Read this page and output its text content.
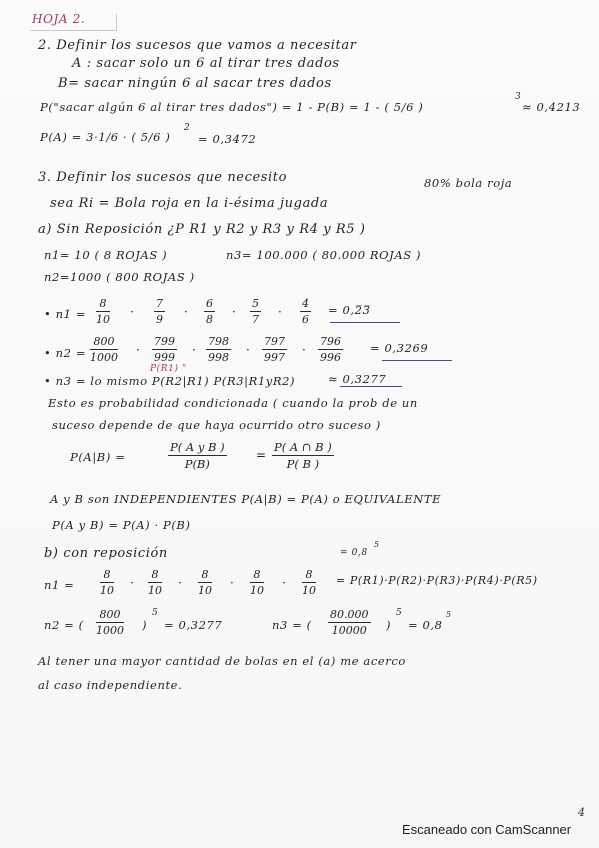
HOJA 2.
2. Definir los sucesos que vamos a necesitar
A : sacar solo un 6 al tirar tres dados
B= sacar ningún 6 al sacar tres dados
P("sacar algún 6 al tirar tres dados") = 1 - P(B) = 1 - ( 5/6 )
3
≈ 0,4213
P(A) = 3·1/6 · ( 5/6 )
2
= 0,3472
3. Definir los sucesos que necesito	80% bola roja
sea Ri = Bola roja en la i-ésima jugada
a) Sin Reposición ¿P R1 y R2 y R3 y R4 y R5 )
n1= 10 ( 8 ROJAS )	n3= 100.000 ( 80.000 ROJAS )
n2=1000 ( 800 ROJAS )
• n1 =
8
10
·
7
9
·
6
8
·
5
7
·
4
6
= 0,2̅3̅
• n2 =
800
1000
·
799
999
·
798
998
·
797
997
·
796
996
= 0,3269
P(R1) "
• n3 = lo mismo P(R2|R1) P(R3|R1yR2)	≈ 0,3277
Esto es probabilidad condicionada ( cuando la prob de un
suceso depende de que haya ocurrido otro suceso )
P(A|B) =
P( A y B )
P(B)
=
P( A ∩ B )
P( B )
A y B son INDEPENDIENTES P(A|B) = P(A) o EQUIVALENTE
P(A y B) = P(A) · P(B)
b) con reposición
n1 =
8
10
·
8
10
·
8
10
·
8
10
·
8
10
= 0,8
5
= P(R1)·P(R2)·P(R3)·P(R4)·P(R5)
n2 = (
800
1000 )
5
= 0,3277	n3 = (
80.000
10000 )
5
= 0,8
5
Al tener una mayor cantidad de bolas en el (a) me acerco
al caso independiente.
4
Escaneado con CamScanner
